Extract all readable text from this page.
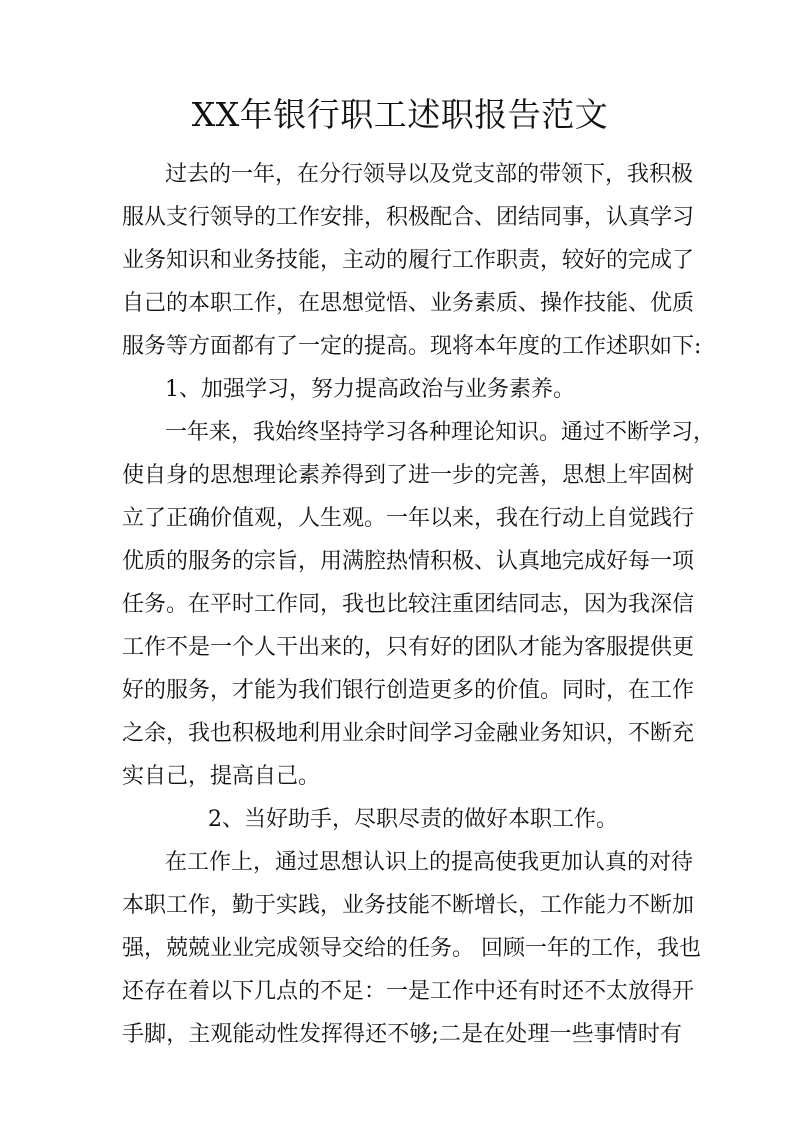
XX年银行职工述职报告范文
过去的一年，在分行领导以及党支部的带领下，我积极
服从支行领导的工作安排，积极配合、团结同事，认真学习
业务知识和业务技能，主动的履行工作职责，较好的完成了
自己的本职工作，在思想觉悟、业务素质、操作技能、优质
服务等方面都有了一定的提高。现将本年度的工作述职如下:
1、加强学习，努力提高政治与业务素养。
一年来，我始终坚持学习各种理论知识。通过不断学习，
使自身的思想理论素养得到了进一步的完善，思想上牢固树
立了正确价值观，人生观。一年以来，我在行动上自觉践行
优质的服务的宗旨，用满腔热情积极、认真地完成好每一项
任务。在平时工作同，我也比较注重团结同志，因为我深信
工作不是一个人干出来的，只有好的团队才能为客服提供更
好的服务，才能为我们银行创造更多的价值。同时，在工作
之余，我也积极地利用业余时间学习金融业务知识，不断充
实自己，提高自己。
2、当好助手，尽职尽责的做好本职工作。
在工作上，通过思想认识上的提高使我更加认真的对待
本职工作，勤于实践，业务技能不断增长，工作能力不断加
强，兢兢业业完成领导交给的任务。 回顾一年的工作，我也
还存在着以下几点的不足：一是工作中还有时还不太放得开
手脚，主观能动性发挥得还不够;二是在处理一些事情时有
